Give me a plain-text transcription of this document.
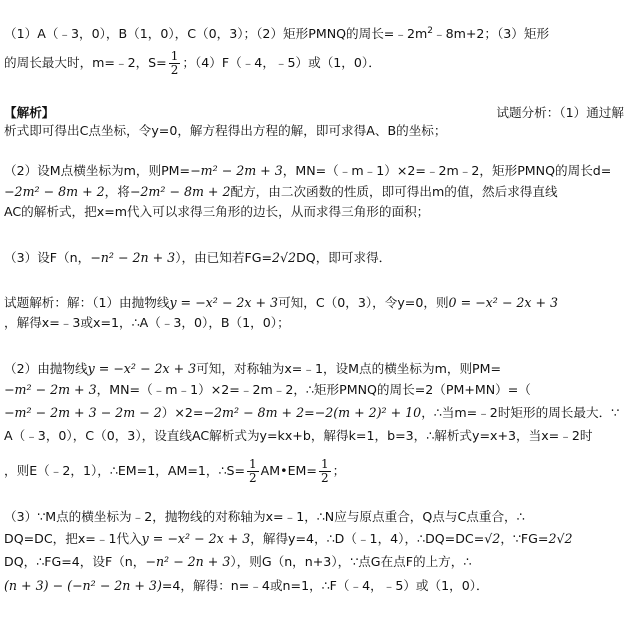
（1）A（﹣3，0），B（1，0），C（0，3）；（2）矩形PMNQ的周长$=﹣2m^2﹣8m+2$；（3）矩形
的周长最大时，m=﹣2，$S= \frac{1}{2}$ ；（4）F（﹣4，﹣5）或（1，0）．
【解析】	试题分析：（1）通过解
析式即可得出C点坐标，令y=0，解方程得出方程的解，即可求得A、B的坐标；
（2）设M点横坐标为m，则PM=−m² − 2m + 3，MN=（﹣m﹣1）×2=﹣2m﹣2，矩形PMNQ的周长d=
−2m² − 8m + 2，将−2m² − 8m + 2配方，由二次函数的性质，即可得出m的值，然后求得直线
AC的解析式，把x=m代入可以求得三角形的边长，从而求得三角形的面积；
（3）设F（n，−n² − 2n + 3），由已知若FG=2√2DQ，即可求得．
试题解析：解：（1）由抛物线y = −x² − 2x + 3可知，C（0，3），令y=0，则0 = −x² − 2x + 3
，解得x=﹣3或x=1，∴A（﹣3，0），B（1，0）；
（2）由抛物线y = −x² − 2x + 3可知，对称轴为x=﹣1，设M点的横坐标为m，则PM=
−m² − 2m + 3，MN=（﹣m﹣1）×2=﹣2m﹣2，∴矩形PMNQ的周长=2（PM+MN）=（
−m² − 2m + 3 − 2m − 2）×2=−2m² − 8m + 2=−2(m + 2)² + 10，∴当m=﹣2时矩形的周长最大．∵
A（﹣3，0），C（0，3），设直线AC解析式为y=kx+b，解得k=1，b=3，∴解析式y=x+3，当x=﹣2时
，则E（﹣2，1），∴EM=1，AM=1，∴S= $\frac{1}{2}$ AM•EM= $\frac{1}{2}$ ；
（3）∵M点的横坐标为﹣2，抛物线的对称轴为x=﹣1，∴N应与原点重合，Q点与C点重合，∴
DQ=DC，把x=﹣1代入y = −x² − 2x + 3，解得y=4，∴D（﹣1，4），∴DQ=DC=√2，∵FG=2√2
DQ，∴FG=4，设F（n，−n² − 2n + 3），则G（n，n+3），∵点G在点F的上方，∴
(n + 3) − (−n² − 2n + 3)=4，解得：n=﹣4或n=1，∴F（﹣4，﹣5）或（1，0）．
